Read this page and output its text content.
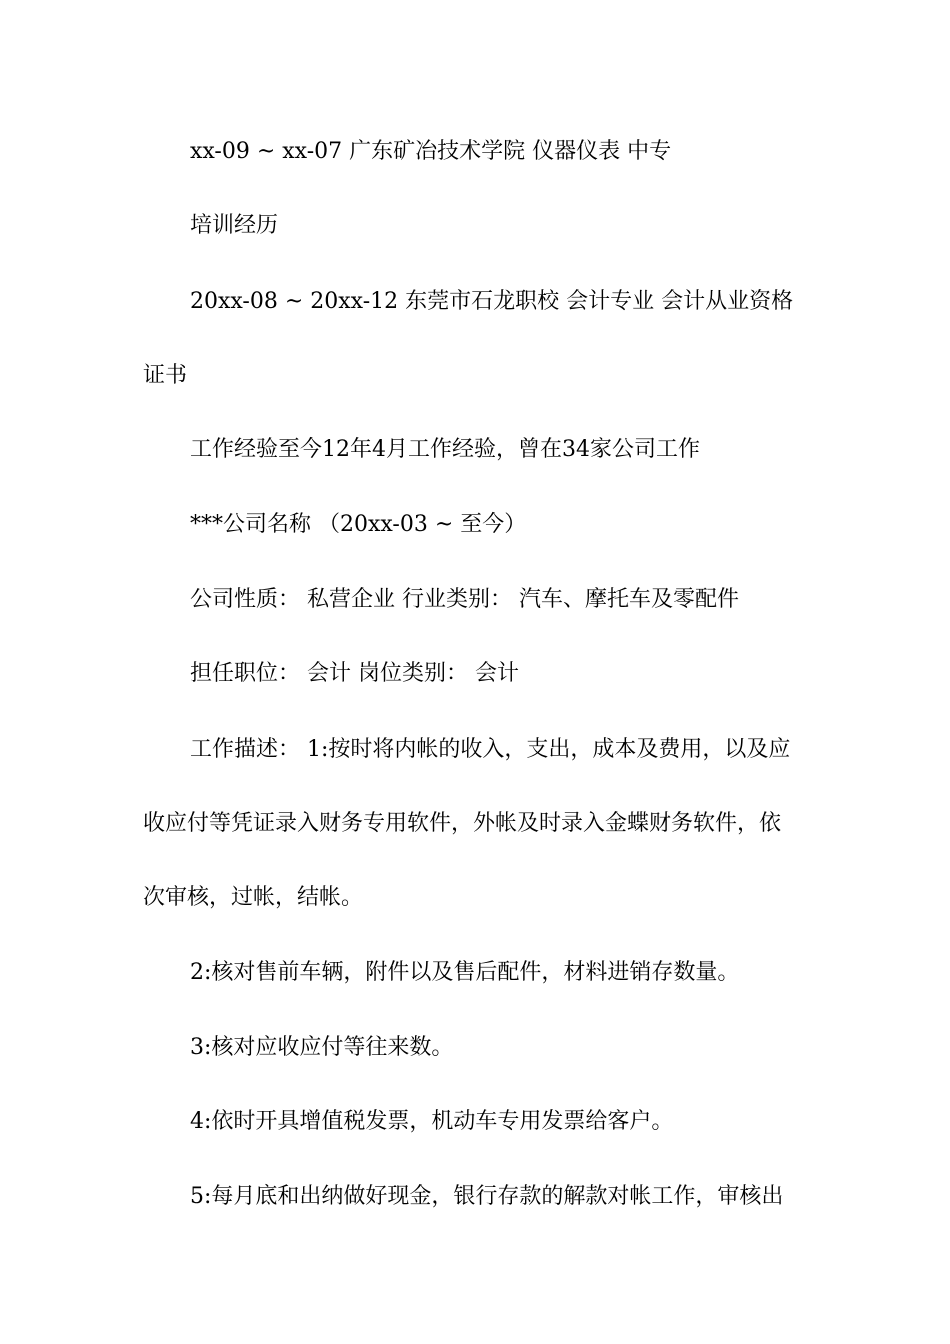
xx-09 ~ xx-07 广东矿冶技术学院 仪器仪表 中专
培训经历
20xx-08 ~ 20xx-12 东莞市石龙职校 会计专业 会计从业资格
证书
工作经验至今12年4月工作经验，曾在34家公司工作
***公司名称 （20xx-03 ~ 至今）
公司性质： 私营企业 行业类别： 汽车、摩托车及零配件
担任职位： 会计 岗位类别： 会计
工作描述： 1:按时将内帐的收入，支出，成本及费用，以及应
收应付等凭证录入财务专用软件，外帐及时录入金蝶财务软件，依
次审核，过帐，结帐。
2:核对售前车辆，附件以及售后配件，材料进销存数量。
3:核对应收应付等往来数。
4:依时开具增值税发票，机动车专用发票给客户。
5:每月底和出纳做好现金，银行存款的解款对帐工作，审核出
